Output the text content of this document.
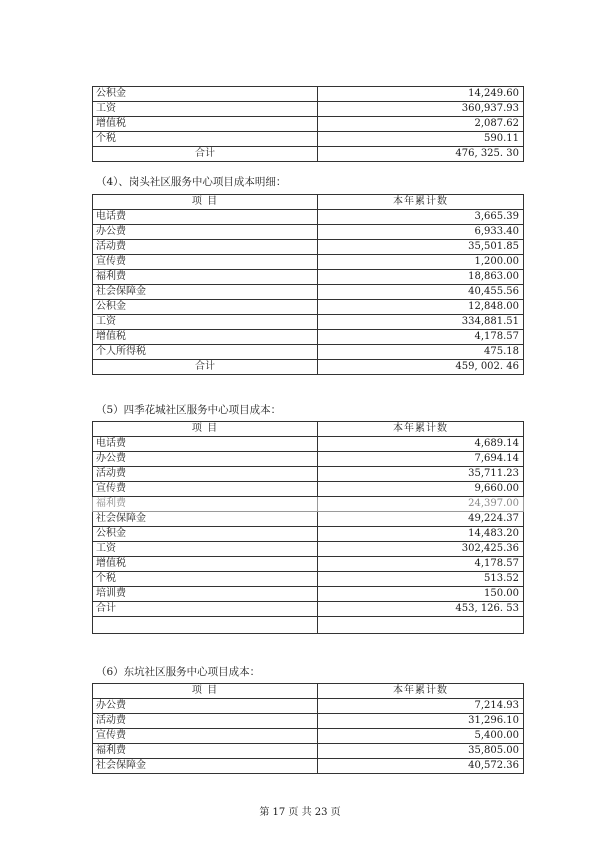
公积金	14,249.60
工资	360,937.93
增值税	2,087.62
个税	590.11
合计	476, 325. 30
（4）、岗头社区服务中心项目成本明细：
项 目	本年累计数
电话费	3,665.39
办公费	6,933.40
活动费	35,501.85
宣传费	1,200.00
福利费	18,863.00
社会保障金	40,455.56
公积金	12,848.00
工资	334,881.51
增值税	4,178.57
个人所得税	475.18
合计	459, 002. 46
（5）四季花城社区服务中心项目成本：
项 目	本年累计数
电话费	4,689.14
办公费	7,694.14
活动费	35,711.23
宣传费	9,660.00
福利费	24,397.00
社会保障金	49,224.37
公积金	14,483.20
工资	302,425.36
增值税	4,178.57
个税	513.52
培训费	150.00
合计	453, 126. 53

（6）东坑社区服务中心项目成本：
项 目	本年累计数
办公费	7,214.93
活动费	31,296.10
宣传费	5,400.00
福利费	35,805.00
社会保障金	40,572.36
第 17 页 共 23 页
